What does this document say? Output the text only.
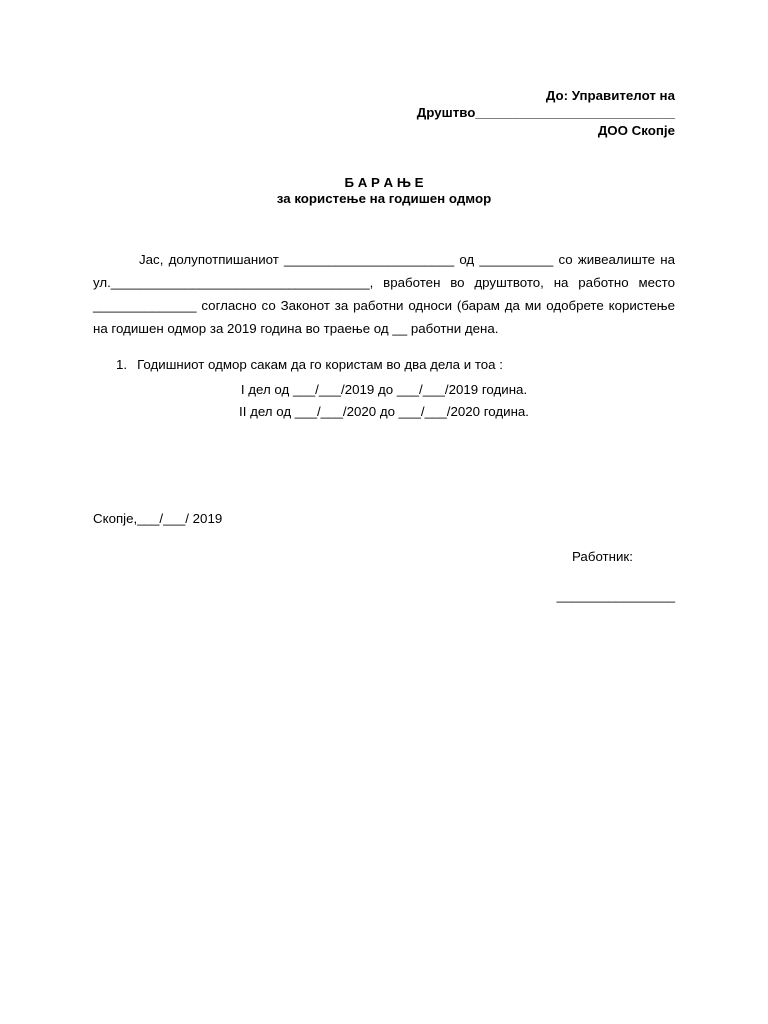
До: Управителот на
Друштво___________________________
ДОО Скопје
Б А Р А Њ Е
за користење на годишен одмор
Јас, долупотпишаниот _______________________ од __________ со живеалиште на ул.___________________________________, вработен во друштвото, на работно место ______________ согласно со Законот за работни односи (барам да ми одобрете користење на годишен одмор за 2019 година во траење од __ работни дена.
1. Годишниот одмор сакам да го користам во два дела и тоа :
I дел од ___/___/2019 до ___/___/2019 година.
II дел од ___/___/2020 до ___/___/2020 година.
Скопје,___/___/ 2019
Работник:
________________
